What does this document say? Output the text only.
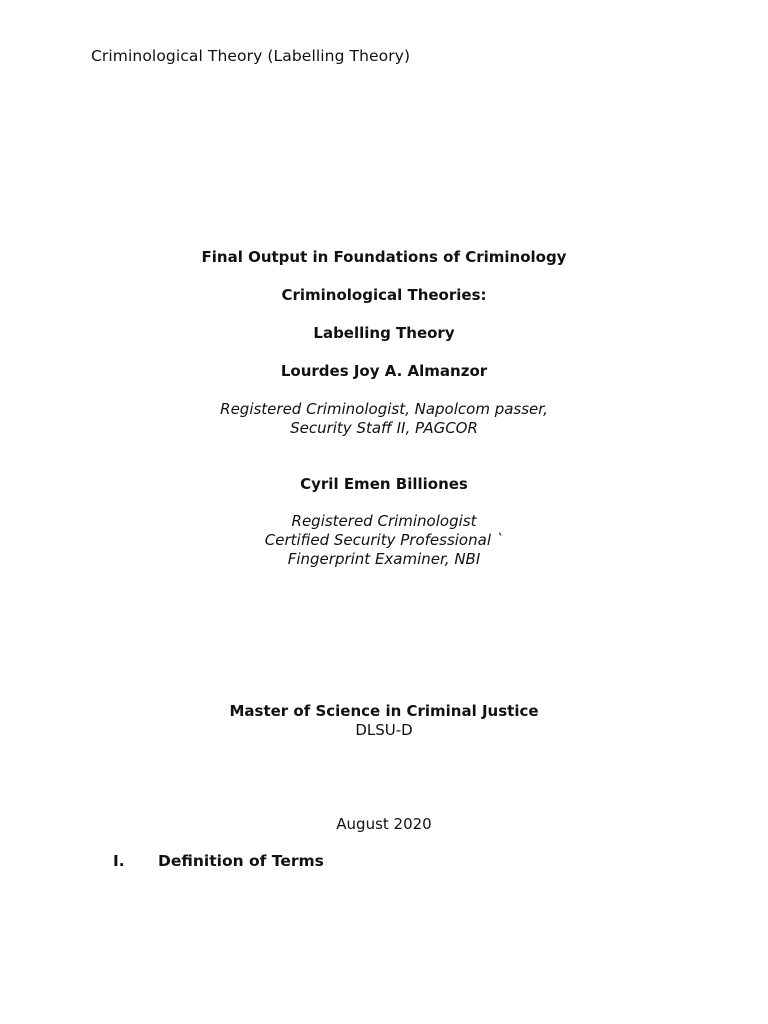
Criminological Theory (Labelling Theory)
Final Output in Foundations of Criminology
Criminological Theories:
Labelling Theory
Lourdes Joy A. Almanzor
Registered Criminologist, Napolcom passer,
Security Staff II, PAGCOR
Cyril Emen Billiones
Registered Criminologist
Certified Security Professional `
Fingerprint Examiner, NBI
Master of Science in Criminal Justice
DLSU-D
August 2020
I. Definition of Terms
